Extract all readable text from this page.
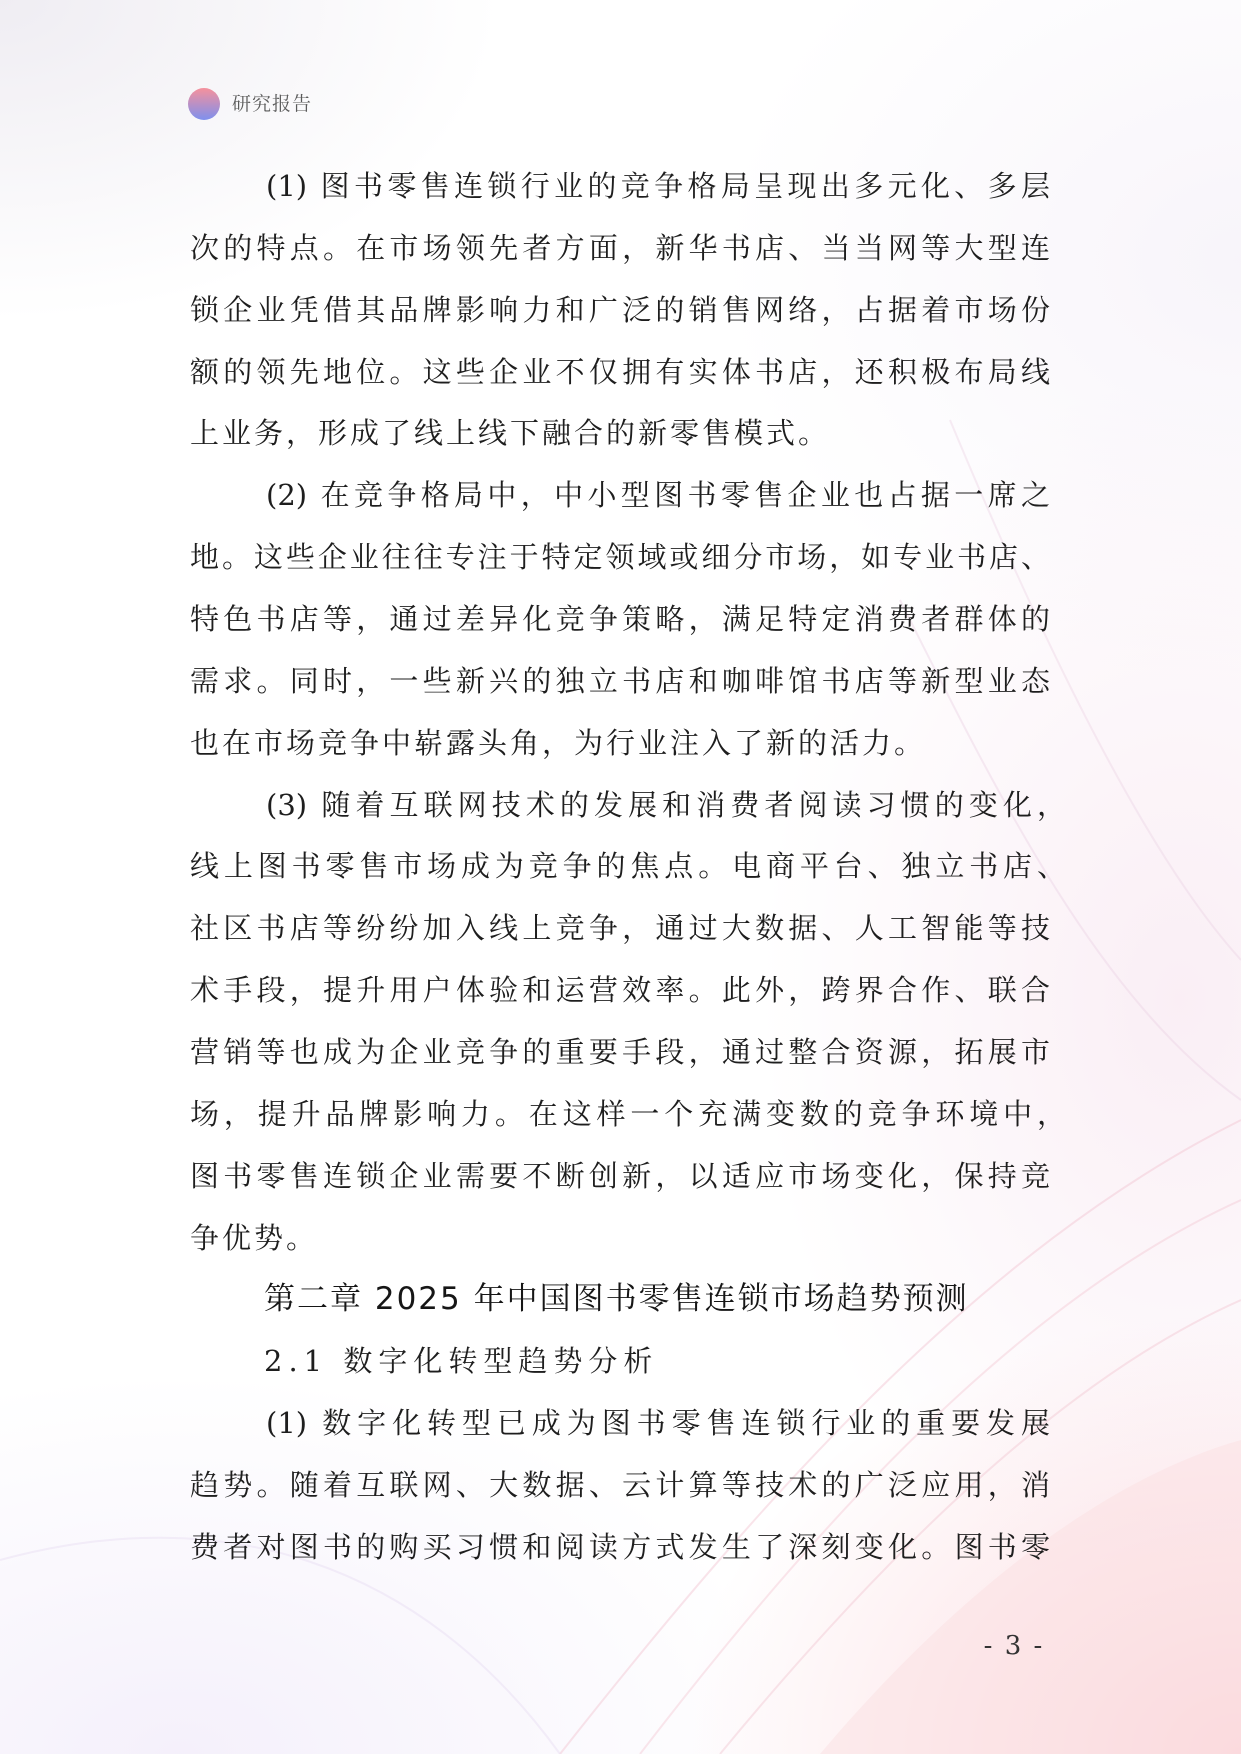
研究报告
(1) 图书零售连锁行业的竞争格局呈现出多元化、多层
次的特点。在市场领先者方面，新华书店、当当网等大型连
锁企业凭借其品牌影响力和广泛的销售网络，占据着市场份
额的领先地位。这些企业不仅拥有实体书店，还积极布局线
上业务，形成了线上线下融合的新零售模式。
(2) 在竞争格局中，中小型图书零售企业也占据一席之
地。这些企业往往专注于特定领域或细分市场，如专业书店、
特色书店等，通过差异化竞争策略，满足特定消费者群体的
需求。同时，一些新兴的独立书店和咖啡馆书店等新型业态
也在市场竞争中崭露头角，为行业注入了新的活力。
(3) 随着互联网技术的发展和消费者阅读习惯的变化，
线上图书零售市场成为竞争的焦点。电商平台、独立书店、
社区书店等纷纷加入线上竞争，通过大数据、人工智能等技
术手段，提升用户体验和运营效率。此外，跨界合作、联合
营销等也成为企业竞争的重要手段，通过整合资源，拓展市
场，提升品牌影响力。在这样一个充满变数的竞争环境中，
图书零售连锁企业需要不断创新，以适应市场变化，保持竞
争优势。
第二章 2025 年中国图书零售连锁市场趋势预测
2.1 数字化转型趋势分析
(1) 数字化转型已成为图书零售连锁行业的重要发展
趋势。随着互联网、大数据、云计算等技术的广泛应用，消
费者对图书的购买习惯和阅读方式发生了深刻变化。图书零
- 3 -
